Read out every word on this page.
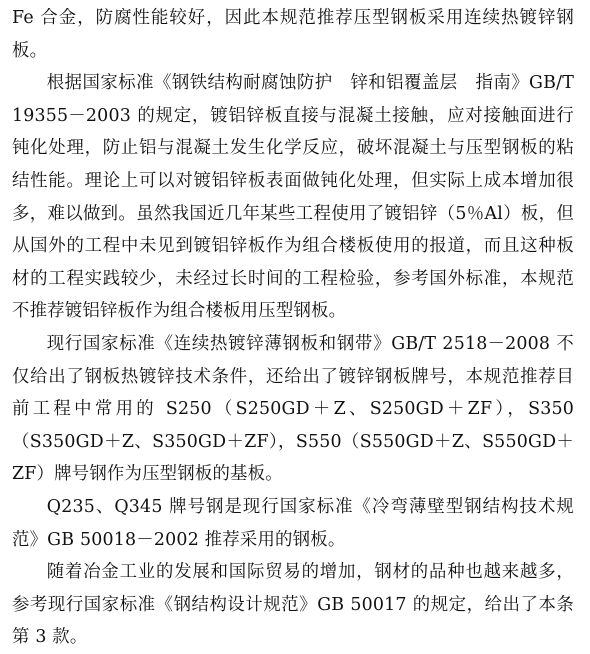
Fe 合金，防腐性能较好，因此本规范推荐压型钢板采用连续热镀锌钢板。

根据国家标准《钢铁结构耐腐蚀防护　锌和铝覆盖层　指南》GB/T 19355－2003 的规定，镀铝锌板直接与混凝土接触，应对接触面进行钝化处理，防止铝与混凝土发生化学反应，破坏混凝土与压型钢板的粘结性能。理论上可以对镀铝锌板表面做钝化处理，但实际上成本增加很多，难以做到。虽然我国近几年某些工程使用了镀铝锌（5％Al）板，但从国外的工程中未见到镀铝锌板作为组合楼板使用的报道，而且这种板材的工程实践较少，未经过长时间的工程检验，参考国外标准，本规范不推荐镀铝锌板作为组合楼板用压型钢板。

现行国家标准《连续热镀锌薄钢板和钢带》GB/T 2518－2008 不仅给出了钢板热镀锌技术条件，还给出了镀锌钢板牌号，本规范推荐目前工程中常用的 S250（S250GD＋Z、S250GD＋ZF），S350（S350GD＋Z、S350GD＋ZF），S550（S550GD＋Z、S550GD＋ZF）牌号钢作为压型钢板的基板。

Q235、Q345 牌号钢是现行国家标准《冷弯薄壁型钢结构技术规范》GB 50018－2002 推荐采用的钢板。

随着冶金工业的发展和国际贸易的增加，钢材的品种也越来越多，参考现行国家标准《钢结构设计规范》GB 50017 的规定，给出了本条第 3 款。
